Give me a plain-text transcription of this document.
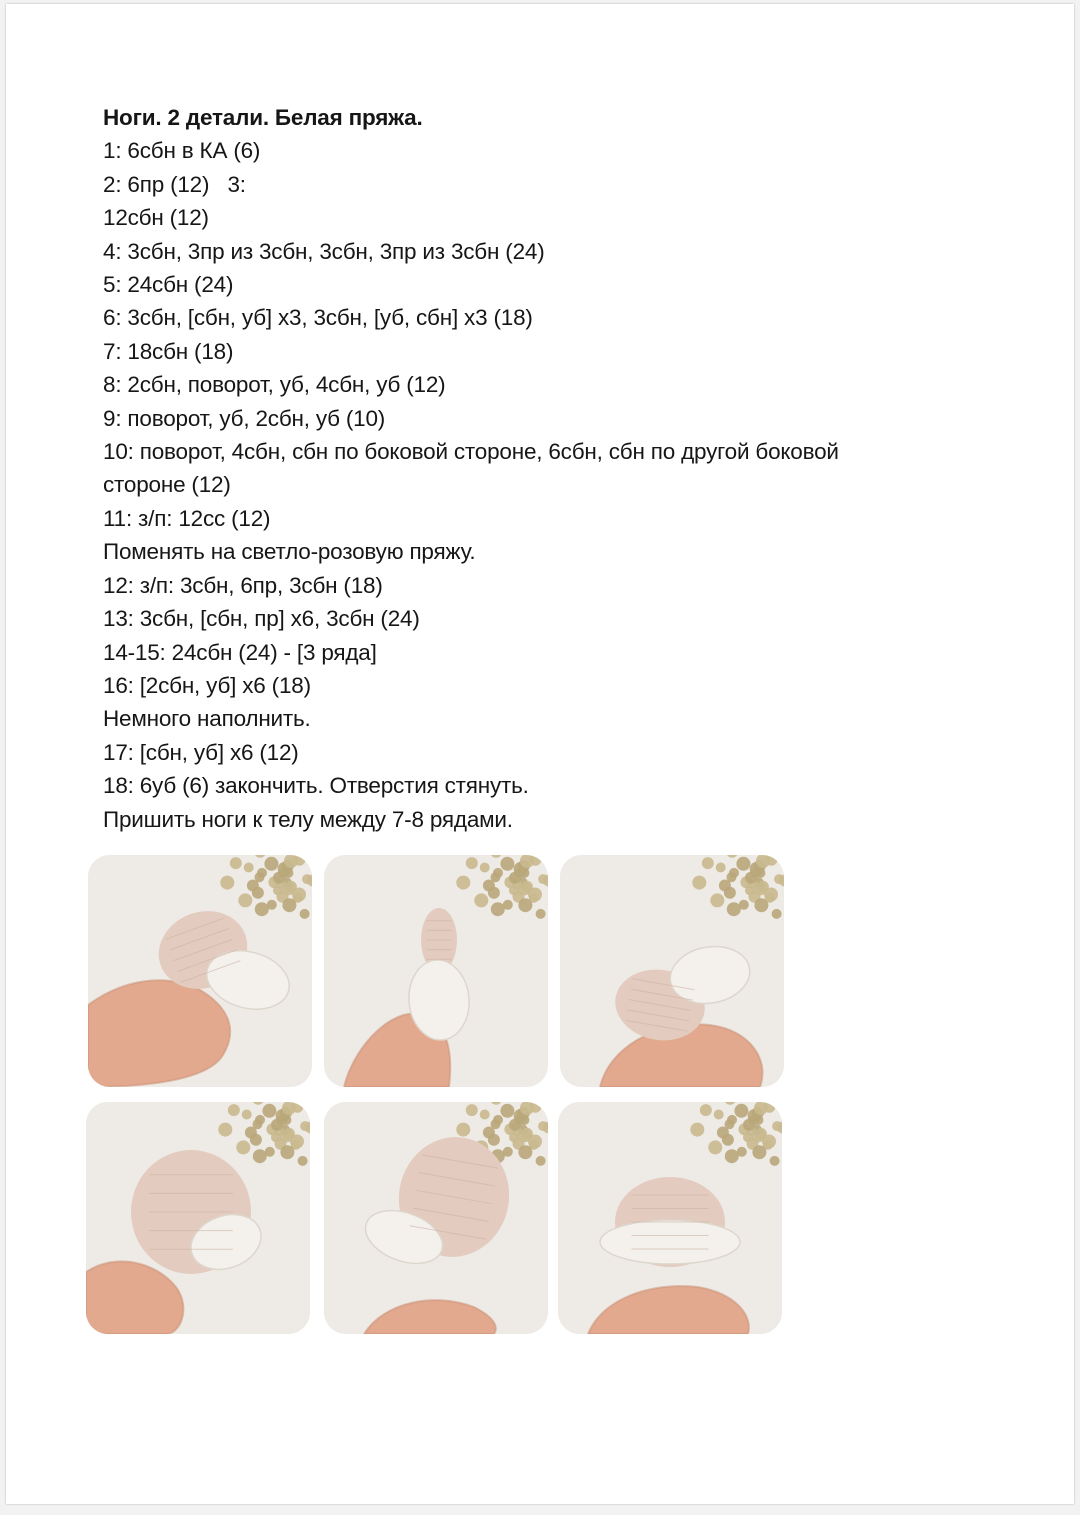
Ноги. 2 детали. Белая пряжа.
1: 6сбн в КА (6)
2: 6пр (12)   3:
12сбн (12)
4: 3сбн, 3пр из 3сбн, 3сбн, 3пр из 3сбн (24)
5: 24сбн (24)
6: 3сбн, [сбн, уб] х3, 3сбн, [уб, сбн] х3 (18)
7: 18сбн (18)
8: 2сбн, поворот, уб, 4сбн, уб (12)
9: поворот, уб, 2сбн, уб (10)
10: поворот, 4сбн, сбн по боковой стороне, 6сбн, сбн по другой боковой
стороне (12)
11: з/п: 12сс (12)
Поменять на светло-розовую пряжу.
12: з/п: 3сбн, 6пр, 3сбн (18)
13: 3сбн, [сбн, пр] х6, 3сбн (24)
14-15: 24сбн (24) - [3 ряда]
16: [2сбн, уб] х6 (18)
Немного наполнить.
17: [сбн, уб] х6 (12)
18: 6уб (6) закончить. Отверстия стянуть.
Пришить ноги к телу между 7-8 рядами.
